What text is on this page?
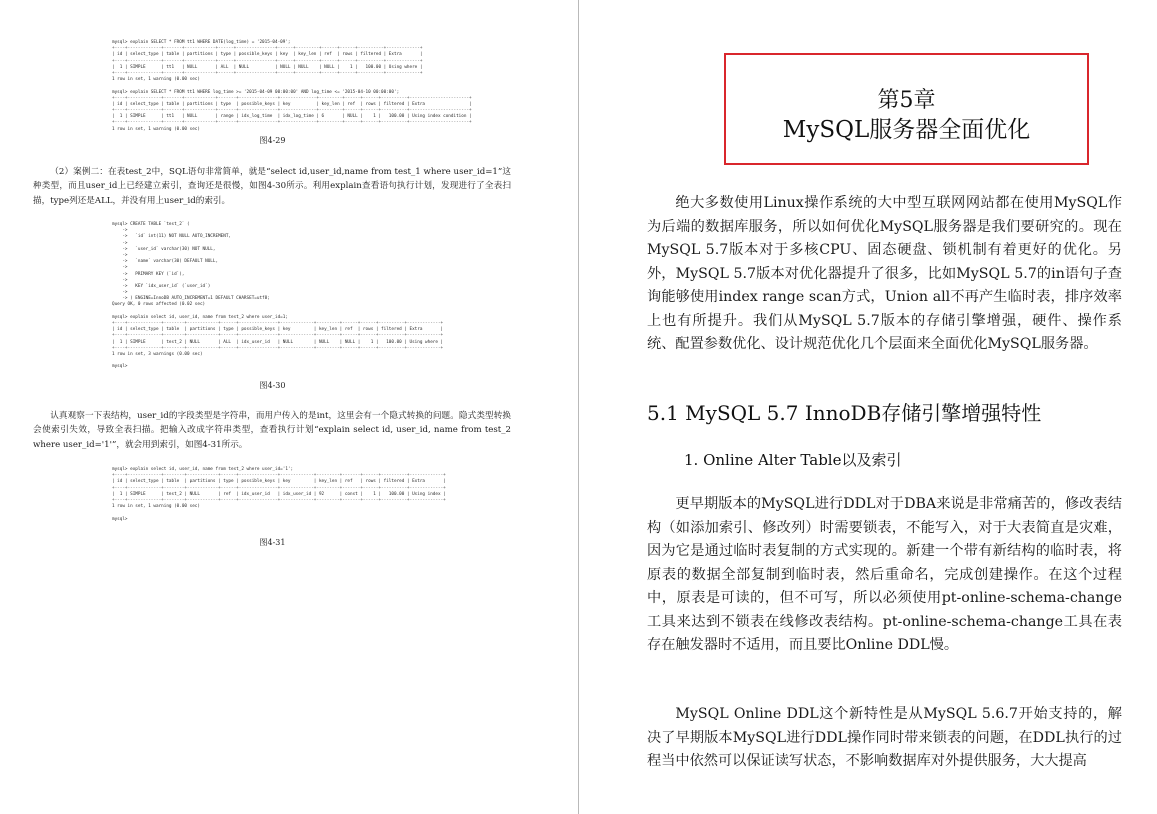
mysql> explain SELECT * FROM tt1 WHERE DATE(log_time) = '2015-04-09';
+----+-------------+-------+------------+------+---------------+------+---------+------+------+----------+-------------+
| id | select_type | table | partitions | type | possible_keys | key  | key_len | ref  | rows | filtered | Extra       |
+----+-------------+-------+------------+------+---------------+------+---------+------+------+----------+-------------+
|  1 | SIMPLE      | tt1   | NULL       | ALL  | NULL          | NULL | NULL    | NULL |    1 |   100.00 | Using where |
+----+-------------+-------+------------+------+---------------+------+---------+------+------+----------+-------------+
1 row in set, 1 warning (0.00 sec)
mysql> explain SELECT * FROM tt1 WHERE log_time >= '2015-04-09 00:00:00' AND log_time <= '2015-04-10 00:00:00';
+----+-------------+-------+------------+-------+---------------+--------------+---------+------+------+----------+-----------------------+
| id | select_type | table | partitions | type  | possible_keys | key          | key_len | ref  | rows | filtered | Extra                 |
+----+-------------+-------+------------+-------+---------------+--------------+---------+------+------+----------+-----------------------+
|  1 | SIMPLE      | tt1   | NULL       | range | idx_log_time  | idx_log_time | 6       | NULL |    1 |   100.00 | Using index condition |
+----+-------------+-------+------------+-------+---------------+--------------+---------+------+------+----------+-----------------------+
1 row in set, 1 warning (0.00 sec)
图4-29
（2）案例二：在表test_2中，SQL语句非常简单，就是“select id,user_id,name from test_1 where user_id=1”这种类型，而且user_id上已经建立索引，查询还是很慢，如图4-30所示。利用explain查看语句执行计划，发现进行了全表扫描，type列还是ALL，并没有用上user_id的索引。
mysql> CREATE TABLE `test_2` (
->
->   `id` int(11) NOT NULL AUTO_INCREMENT,
->
->   `user_id` varchar(30) NOT NULL,
->
->   `name` varchar(30) DEFAULT NULL,
->
->   PRIMARY KEY (`id`),
->
->   KEY `idx_user_id` (`user_id`)
->
-> ) ENGINE=InnoDB AUTO_INCREMENT=1 DEFAULT CHARSET=utf8;
Query OK, 0 rows affected (0.02 sec)
mysql> explain select id, user_id, name from test_2 where user_id=1;
+----+-------------+--------+------------+------+---------------+-------------+---------+------+------+----------+-------------+
| id | select_type | table  | partitions | type | possible_keys | key         | key_len | ref  | rows | filtered | Extra       |
+----+-------------+--------+------------+------+---------------+-------------+---------+------+------+----------+-------------+
|  1 | SIMPLE      | test_2 | NULL       | ALL  | idx_user_id   | NULL        | NULL    | NULL |    1 |   100.00 | Using where |
+----+-------------+--------+------------+------+---------------+-------------+---------+------+------+----------+-------------+
1 row in set, 3 warnings (0.00 sec)
mysql>
图4-30
认真观察一下表结构，user_id的字段类型是字符串，而用户传入的是int，这里会有一个隐式转换的问题。隐式类型转换会使索引失效，导致全表扫描。把输入改成字符串类型，查看执行计划“explain select id, user_id, name from test_2 where user_id='1'”，就会用到索引，如图4-31所示。
mysql> explain select id, user_id, name from test_2 where user_id='1';
+----+-------------+--------+------------+------+---------------+-------------+---------+-------+------+----------+-------------+
| id | select_type | table  | partitions | type | possible_keys | key         | key_len | ref   | rows | filtered | Extra       |
+----+-------------+--------+------------+------+---------------+-------------+---------+-------+------+----------+-------------+
|  1 | SIMPLE      | test_2 | NULL       | ref  | idx_user_id   | idx_user_id | 92      | const |    1 |   100.00 | Using index |
+----+-------------+--------+------------+------+---------------+-------------+---------+-------+------+----------+-------------+
1 row in set, 1 warning (0.00 sec)
mysql>
图4-31
第5章
MySQL服务器全面优化
绝大多数使用Linux操作系统的大中型互联网网站都在使用MySQL作为后端的数据库服务，所以如何优化MySQL服务器是我们要研究的。现在MySQL 5.7版本对于多核CPU、固态硬盘、锁机制有着更好的优化。另外，MySQL 5.7版本对优化器提升了很多，比如MySQL 5.7的in语句子查询能够使用index range scan方式，Union all不再产生临时表，排序效率上也有所提升。我们从MySQL 5.7版本的存储引擎增强，硬件、操作系统、配置参数优化、设计规范优化几个层面来全面优化MySQL服务器。
5.1 MySQL 5.7 InnoDB存储引擎增强特性
1. Online Alter Table以及索引
更早期版本的MySQL进行DDL对于DBA来说是非常痛苦的，修改表结构（如添加索引、修改列）时需要锁表，不能写入，对于大表简直是灾难，因为它是通过临时表复制的方式实现的。新建一个带有新结构的临时表，将原表的数据全部复制到临时表，然后重命名，完成创建操作。在这个过程中，原表是可读的，但不可写，所以必须使用pt-online-schema-change工具来达到不锁表在线修改表结构。pt-online-schema-change工具在表存在触发器时不适用，而且要比Online DDL慢。
MySQL Online DDL这个新特性是从MySQL 5.6.7开始支持的，解决了早期版本MySQL进行DDL操作同时带来锁表的问题，在DDL执行的过程当中依然可以保证读写状态，不影响数据库对外提供服务，大大提高
